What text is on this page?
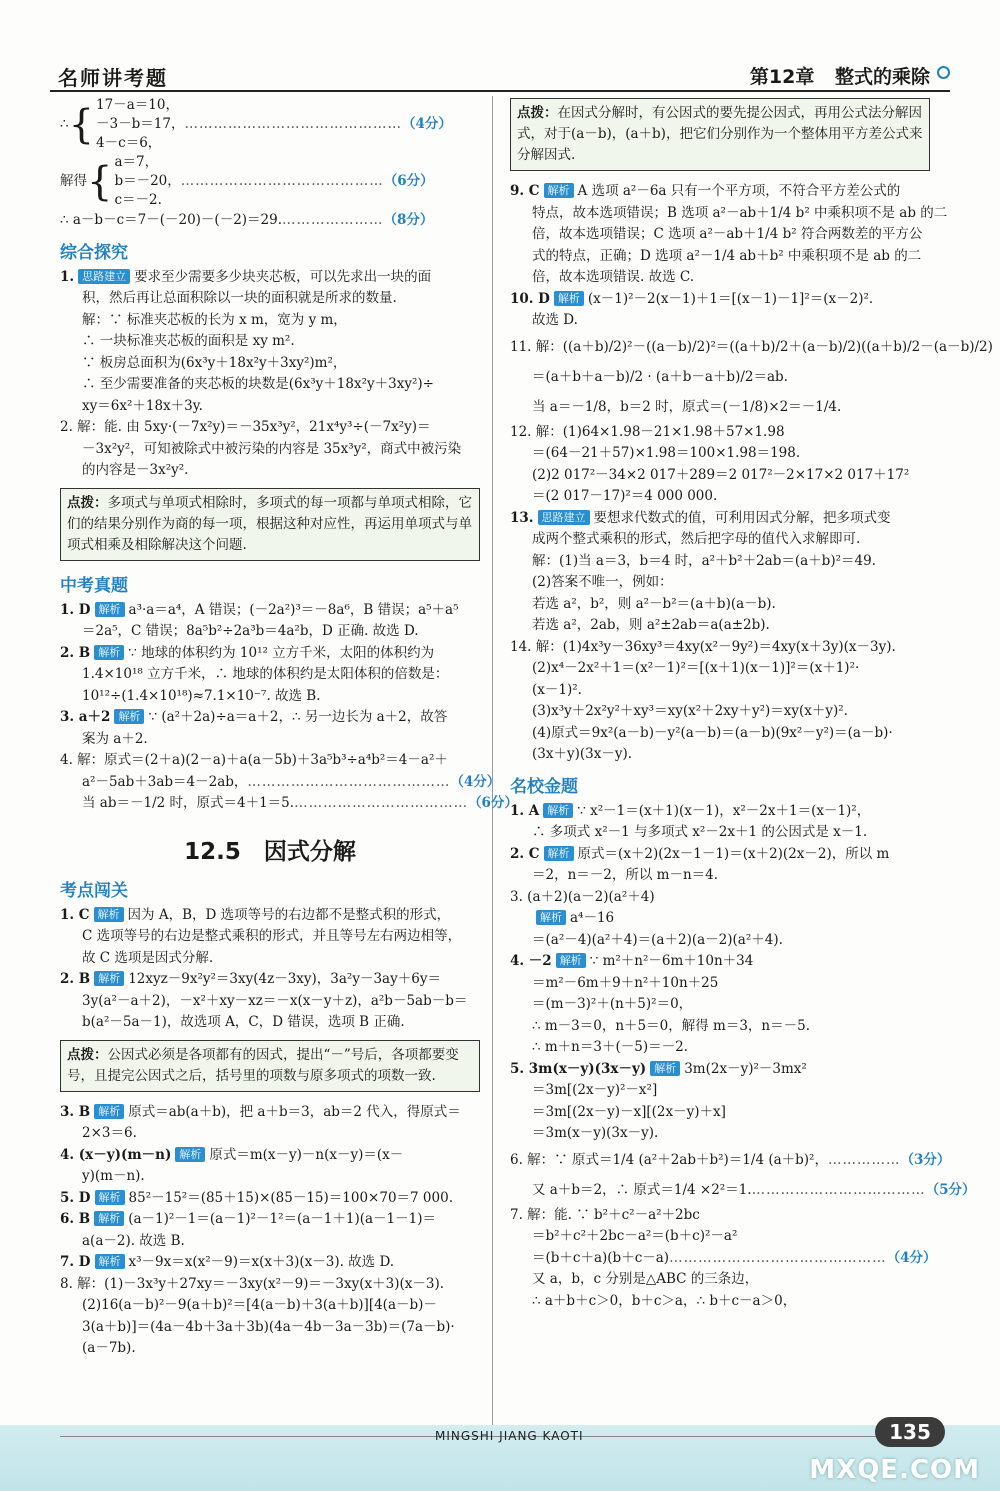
名师讲考题	第12章 整式的乘除
∴ { 17－a＝10，
－3－b＝17，………………………………………（4分）
4－c＝6，
解得 { a＝7，
b＝－20，……………………………………（6分）
c＝－2.
∴ a－b－c＝7－(－20)－(－2)＝29.…………………（8分）
综合探究
1. 思路建立 要求至少需要多少块夹芯板，可以先求出一块的面
积，然后再让总面积除以一块的面积就是所求的数量.
解：∵ 标准夹芯板的长为 x m，宽为 y m，
∴ 一块标准夹芯板的面积是 xy m².
∵ 板房总面积为(6x³y＋18x²y＋3xy²)m²，
∴ 至少需要准备的夹芯板的块数是(6x³y＋18x²y＋3xy²)÷
xy＝6x²＋18x＋3y.
2. 解：能. 由 5xy·(－7x²y)＝－35x³y²，21x⁴y³÷(－7x²y)＝
－3x²y²，可知被除式中被污染的内容是 35x³y²，商式中被污染
的内容是－3x²y².
点拨：多项式与单项式相除时，多项式的每一项都与单项式相除，它们的结果分别作为商的每一项，根据这种对应性，再运用单项式与单项式相乘及相除解决这个问题.
中考真题
1. D 解析 a³·a＝a⁴，A 错误；(－2a²)³＝－8a⁶，B 错误；a⁵＋a⁵
＝2a⁵，C 错误；8a⁵b²÷2a³b＝4a²b，D 正确. 故选 D.
2. B 解析 ∵ 地球的体积约为 10¹² 立方千米，太阳的体积约为
1.4×10¹⁸ 立方千米，∴ 地球的体积约是太阳体积的倍数是：
10¹²÷(1.4×10¹⁸)≈7.1×10⁻⁷. 故选 B.
3. a＋2 解析 ∵ (a²＋2a)÷a＝a＋2，∴ 另一边长为 a＋2，故答
案为 a＋2.
4. 解：原式＝(2＋a)(2－a)＋a(a－5b)＋3a⁵b³÷a⁴b²＝4－a²＋
a²－5ab＋3ab＝4－2ab，……………………………………（4分）
当 ab＝－1/2 时，原式＝4＋1＝5.………………………………（6分）
12.5　因式分解
考点闯关
1. C 解析 因为 A，B，D 选项等号的右边都不是整式积的形式，
C 选项等号的右边是整式乘积的形式，并且等号左右两边相等，
故 C 选项是因式分解.
2. B 解析 12xyz－9x²y²＝3xy(4z－3xy)，3a²y－3ay＋6y＝
3y(a²－a＋2)，－x²＋xy－xz＝－x(x－y＋z)，a²b－5ab－b＝
b(a²－5a－1)，故选项 A，C，D 错误，选项 B 正确.
点拨：公因式必须是各项都有的因式，提出“－”号后，各项都要变号，且提完公因式之后，括号里的项数与原多项式的项数一致.
3. B 解析 原式＝ab(a＋b)，把 a＋b＝3，ab＝2 代入，得原式＝
2×3＝6.
4. (x－y)(m－n) 解析 原式＝m(x－y)－n(x－y)＝(x－
y)(m－n).
5. D 解析 85²－15²＝(85＋15)×(85－15)＝100×70＝7 000.
6. B 解析 (a－1)²－1＝(a－1)²－1²＝(a－1＋1)(a－1－1)＝
a(a－2). 故选 B.
7. D 解析 x³－9x＝x(x²－9)＝x(x＋3)(x－3). 故选 D.
8. 解：(1)－3x³y＋27xy＝－3xy(x²－9)＝－3xy(x＋3)(x－3).
(2)16(a－b)²－9(a＋b)²＝[4(a－b)＋3(a＋b)][4(a－b)－
3(a＋b)]＝(4a－4b＋3a＋3b)(4a－4b－3a－3b)＝(7a－b)·
(a－7b).
点拨：在因式分解时，有公因式的要先提公因式，再用公式法分解因式，对于(a－b)，(a＋b)，把它们分别作为一个整体用平方差公式来分解因式.
9. C 解析 A 选项 a²－6a 只有一个平方项，不符合平方差公式的
特点，故本选项错误；B 选项 a²－ab＋1/4 b² 中乘积项不是 ab 的二
倍，故本选项错误；C 选项 a²－ab＋1/4 b² 符合两数差的平方公
式的特点，正确；D 选项 a²－1/4 ab＋b² 中乘积项不是 ab 的二
倍，故本选项错误. 故选 C.
10. D 解析 (x－1)²－2(x－1)＋1＝[(x－1)－1]²＝(x－2)².
故选 D.
11. 解：((a＋b)/2)²－((a－b)/2)²＝((a＋b)/2＋(a－b)/2)((a＋b)/2－(a－b)/2)
＝(a＋b＋a－b)/2 · (a＋b－a＋b)/2＝ab.
当 a＝－1/8，b＝2 时，原式＝(－1/8)×2＝－1/4.
12. 解：(1)64×1.98－21×1.98＋57×1.98
＝(64－21＋57)×1.98＝100×1.98＝198.
(2)2 017²－34×2 017＋289＝2 017²－2×17×2 017＋17²
＝(2 017－17)²＝4 000 000.
13. 思路建立 要想求代数式的值，可利用因式分解，把多项式变
成两个整式乘积的形式，然后把字母的值代入求解即可.
解：(1)当 a＝3，b＝4 时，a²＋b²＋2ab＝(a＋b)²＝49.
(2)答案不唯一，例如：
若选 a²，b²，则 a²－b²＝(a＋b)(a－b).
若选 a²，2ab，则 a²±2ab＝a(a±2b).
14. 解：(1)4x³y－36xy³＝4xy(x²－9y²)＝4xy(x＋3y)(x－3y).
(2)x⁴－2x²＋1＝(x²－1)²＝[(x＋1)(x－1)]²＝(x＋1)²·
(x－1)².
(3)x³y＋2x²y²＋xy³＝xy(x²＋2xy＋y²)＝xy(x＋y)².
(4)原式＝9x²(a－b)－y²(a－b)＝(a－b)(9x²－y²)＝(a－b)·
(3x＋y)(3x－y).
名校金题
1. A 解析 ∵ x²－1＝(x＋1)(x－1)，x²－2x＋1＝(x－1)²，
∴ 多项式 x²－1 与多项式 x²－2x＋1 的公因式是 x－1.
2. C 解析 原式＝(x＋2)(2x－1－1)＝(x＋2)(2x－2)，所以 m
＝2，n＝－2，所以 m－n＝4.
3. (a＋2)(a－2)(a²＋4)
解析 a⁴－16
＝(a²－4)(a²＋4)＝(a＋2)(a－2)(a²＋4).
4. －2 解析 ∵ m²＋n²－6m＋10n＋34
＝m²－6m＋9＋n²＋10n＋25
＝(m－3)²＋(n＋5)²＝0，
∴ m－3＝0，n＋5＝0，解得 m＝3，n＝－5.
∴ m＋n＝3＋(－5)＝－2.
5. 3m(x－y)(3x－y) 解析 3m(2x－y)²－3mx²
＝3m[(2x－y)²－x²]
＝3m[(2x－y)－x][(2x－y)＋x]
＝3m(x－y)(3x－y).
6. 解：∵ 原式＝1/4 (a²＋2ab＋b²)＝1/4 (a＋b)²，……………（3分）
又 a＋b＝2，∴ 原式＝1/4 ×2²＝1.………………………………（5分）
7. 解：能. ∵ b²＋c²－a²＋2bc
＝b²＋c²＋2bc－a²＝(b＋c)²－a²
＝(b＋c＋a)(b＋c－a)………………………………………（4分）
又 a，b，c 分别是△ABC 的三条边，
∴ a＋b＋c＞0，b＋c＞a，∴ b＋c－a＞0，
MINGSHI JIANG KAOTI	135
MXQE.COM
